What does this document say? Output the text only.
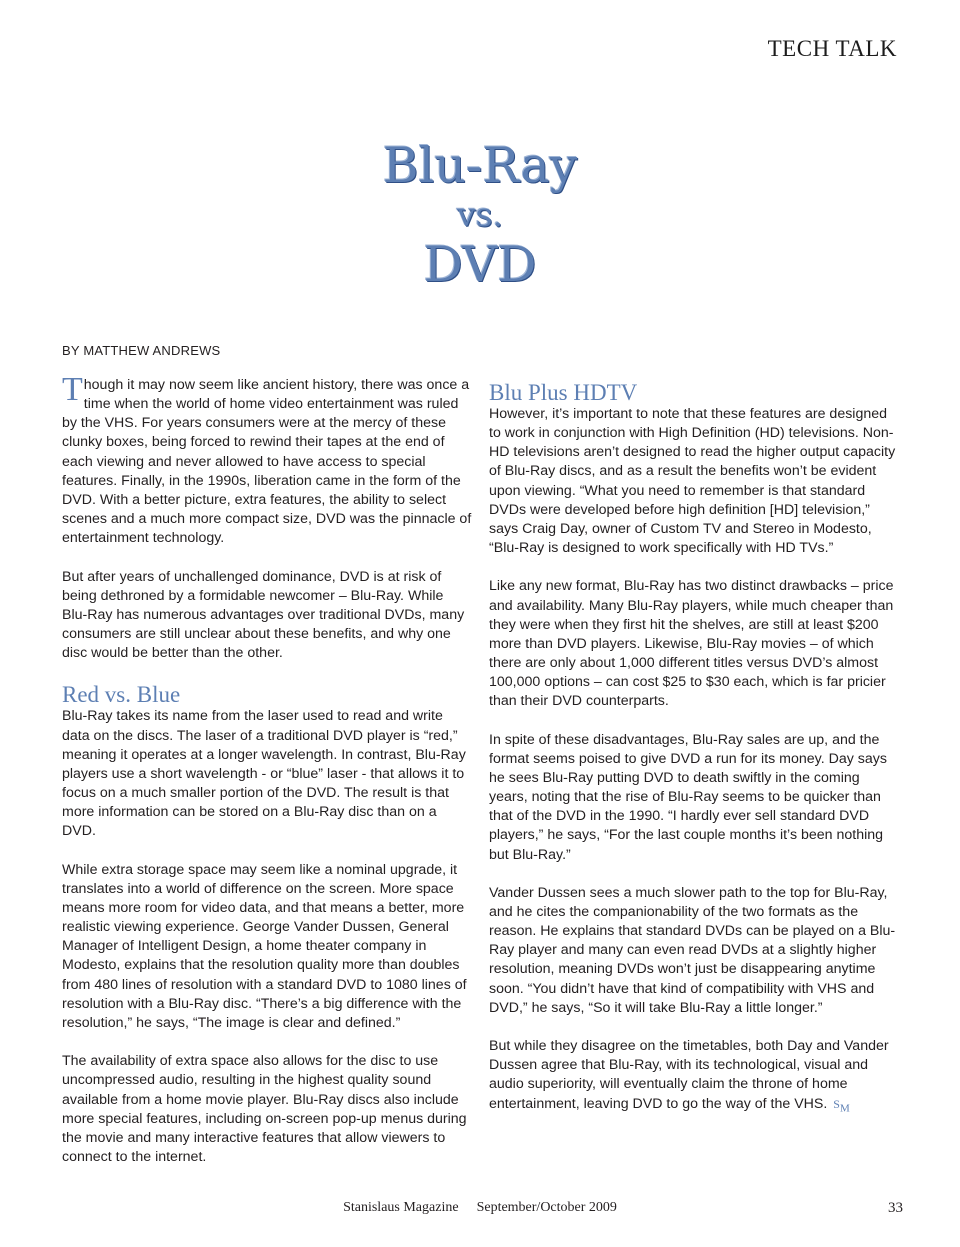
TECH TALK
Blu-Ray
vs.
DVD
BY MATTHEW ANDREWS

Though it may now seem like ancient history, there was once a time when the world of home video entertainment was ruled by the VHS. For years consumers were at the mercy of these clunky boxes, being forced to rewind their tapes at the end of each viewing and never allowed to have access to special features. Finally, in the 1990s, liberation came in the form of the DVD. With a better picture, extra features, the ability to select scenes and a much more compact size, DVD was the pinnacle of entertainment technology.

But after years of unchallenged dominance, DVD is at risk of being dethroned by a formidable newcomer – Blu-Ray. While Blu-Ray has numerous advantages over traditional DVDs, many consumers are still unclear about these benefits, and why one disc would be better than the other.

Red vs. Blue

Blu-Ray takes its name from the laser used to read and write data on the discs. The laser of a traditional DVD player is “red,” meaning it operates at a longer wavelength. In contrast, Blu-Ray players use a short wavelength - or “blue” laser - that allows it to focus on a much smaller portion of the DVD. The result is that more information can be stored on a Blu-Ray disc than on a DVD.

While extra storage space may seem like a nominal upgrade, it translates into a world of difference on the screen. More space means more room for video data, and that means a better, more realistic viewing experience. George Vander Dussen, General Manager of Intelligent Design, a home theater company in Modesto, explains that the resolution quality more than doubles from 480 lines of resolution with a standard DVD to 1080 lines of resolution with a Blu-Ray disc. “There’s a big difference with the resolution,” he says, “The image is clear and defined.”

The availability of extra space also allows for the disc to use uncompressed audio, resulting in the highest quality sound available from a home movie player. Blu-Ray discs also include more special features, including on-screen pop-up menus during the movie and many interactive features that allow viewers to connect to the internet.

Blu Plus HDTV

However, it’s important to note that these features are designed to work in conjunction with High Definition (HD) televisions. Non-HD televisions aren’t designed to read the higher output capacity of Blu-Ray discs, and as a result the benefits won’t be evident upon viewing. “What you need to remember is that standard DVDs were developed before high definition [HD] television,” says Craig Day, owner of Custom TV and Stereo in Modesto, “Blu-Ray is designed to work specifically with HD TVs.”

Like any new format, Blu-Ray has two distinct drawbacks – price and availability. Many Blu-Ray players, while much cheaper than they were when they first hit the shelves, are still at least $200 more than DVD players. Likewise, Blu-Ray movies – of which there are only about 1,000 different titles versus DVD’s almost 100,000 options – can cost $25 to $30 each, which is far pricier than their DVD counterparts.

In spite of these disadvantages, Blu-Ray sales are up, and the format seems poised to give DVD a run for its money. Day says he sees Blu-Ray putting DVD to death swiftly in the coming years, noting that the rise of Blu-Ray seems to be quicker than that of the DVD in the 1990. “I hardly ever sell standard DVD players,” he says, “For the last couple months it’s been nothing but Blu-Ray.”

Vander Dussen sees a much slower path to the top for Blu-Ray, and he cites the companionability of the two formats as the reason. He explains that standard DVDs can be played on a Blu-Ray player and many can even read DVDs at a slightly higher resolution, meaning DVDs won’t just be disappearing anytime soon. “You didn’t have that kind of compatibility with VHS and DVD,” he says, “So it will take Blu-Ray a little longer.”

But while they disagree on the timetables, both Day and Vander Dussen agree that Blu-Ray, with its technological, visual and audio superiority, will eventually claim the throne of home entertainment, leaving DVD to go the way of the VHS. $S_M$

Stanislaus Magazine September/October 2009	33
